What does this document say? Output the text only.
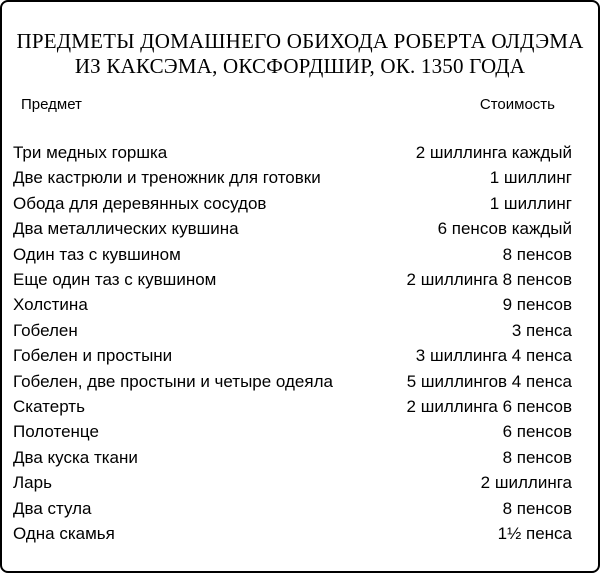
ПРЕДМЕТЫ ДОМАШНЕГО ОБИХОДА РОБЕРТА ОЛДЭМА
ИЗ КАКСЭМА, ОКСФОРДШИР, ОК. 1350 ГОДА
Предмет	Стоимость
Три медных горшка	2 шиллинга каждый
Две кастрюли и треножник для готовки	1 шиллинг
Обода для деревянных сосудов	1 шиллинг
Два металлических кувшина	6 пенсов каждый
Один таз с кувшином	8 пенсов
Еще один таз с кувшином	2 шиллинга 8 пенсов
Холстина	9 пенсов
Гобелен	3 пенса
Гобелен и простыни	3 шиллинга 4 пенса
Гобелен, две простыни и четыре одеяла	5 шиллингов 4 пенса
Скатерть	2 шиллинга 6 пенсов
Полотенце	6 пенсов
Два куска ткани	8 пенсов
Ларь	2 шиллинга
Два стула	8 пенсов
Одна скамья	1½ пенса
